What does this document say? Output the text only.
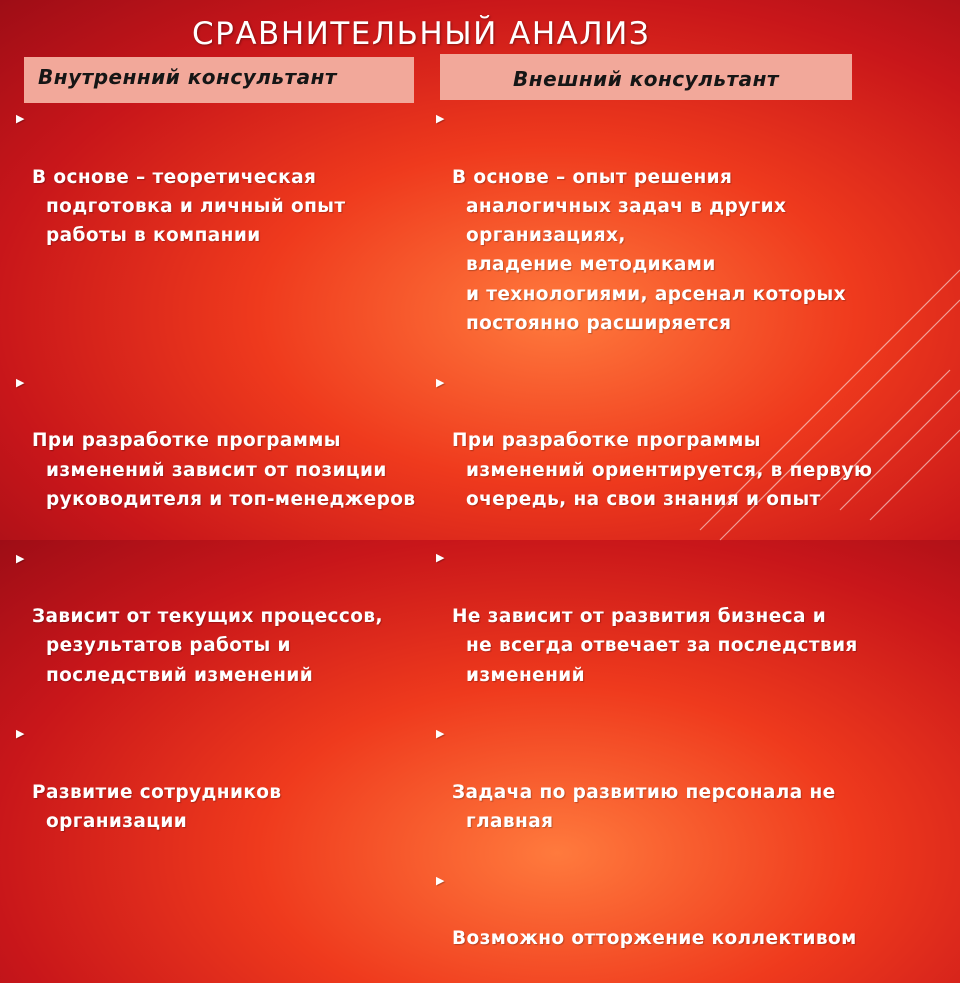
СРАВНИТЕЛЬНЫЙ АНАЛИЗ
Внутренний консультант	Внешний консультант

▶

В основе – теоретическая
подготовка и личный опыт
работы в компании

▶

При разработке программы
изменений зависит от позиции
руководителя и топ-менеджеров

▶

Зависит от текущих процессов,
результатов работы и
последствий изменений

▶

Развитие сотрудников
организации

▶

В основе – опыт решения
аналогичных задач в других
организациях,
владение методиками
и технологиями, арсенал которых
постоянно расширяется

▶

При разработке программы
изменений ориентируется, в первую
очередь, на свои знания и опыт

▶

Не зависит от развития бизнеса и
не всегда отвечает за последствия
изменений

▶

Задача по развитию персонала не
главная

▶

Возможно отторжение коллективом
